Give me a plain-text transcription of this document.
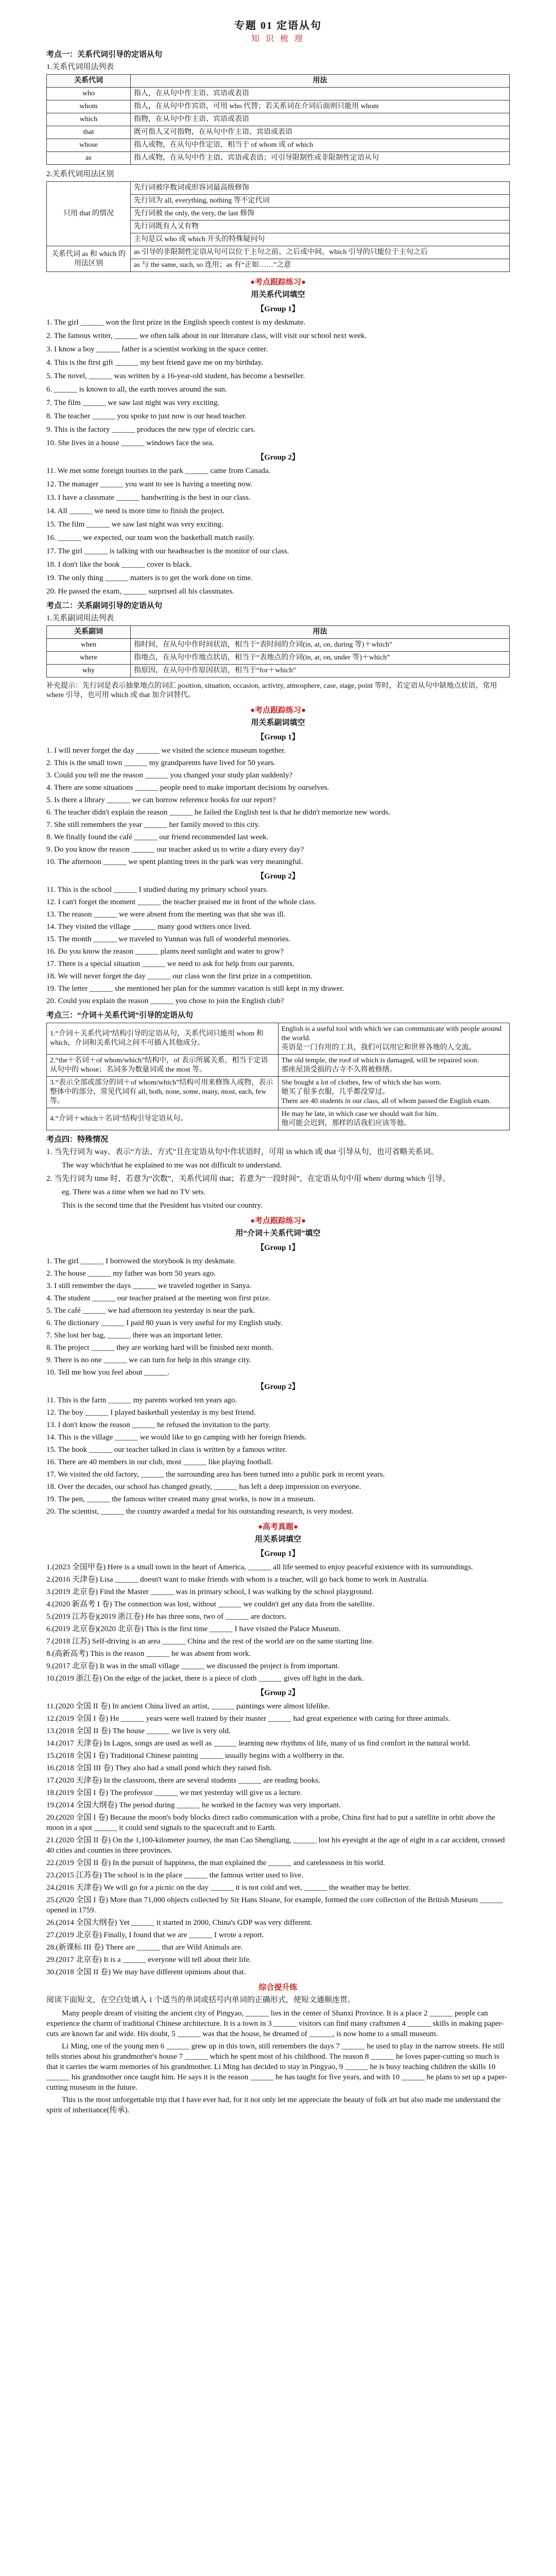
专题 01 定语从句
知 识 梳 理
考点一：关系代词引导的定语从句
1.关系代词用法列表
关系代词	用法
who	指人，在从句中作主语、宾语或表语
whom	指人，在从句中作宾语，可用 who 代替；若关系词在介词后面则只能用 whom
which	指物，在从句中作主语、宾语或表语
that	既可指人又可指物，在从句中作主语、宾语或表语
whose	指人或物，在从句中作定语，相当于 of whom 或 of which
as	指人或物，在从句中作主语、宾语或表语；可引导限制性或非限制性定语从句
2.关系代词用法区别
只用 that 的情况	先行词被序数词或形容词最高级修饰
	先行词为 all, everything, nothing 等不定代词
	先行词被 the only, the very, the last 修饰
	先行词既有人又有物
	主句是以 who 或 which 开头的特殊疑问句
关系代词 as 和 which 的用法区别	as 引导的非限制性定语从句可以位于主句之前、之后或中间，which 引导的只能位于主句之后
	as 与 the same, such, so 连用；as 有“正如……”之意
●考点跟踪练习●
用关系代词填空
【Group 1】
1. The girl ______ won the first prize in the English speech contest is my deskmate.
2. The famous writer, ______ we often talk about in our literature class, will visit our school next week.
3. I know a boy ______ father is a scientist working in the space center.
4. This is the first gift ______ my best friend gave me on my birthday.
5. The novel, ______ was written by a 16-year-old student, has become a bestseller.
6. ______ is known to all, the earth moves around the sun.
7. The film ______ we saw last night was very exciting.
8. The teacher ______ you spoke to just now is our head teacher.
9. This is the factory ______ produces the new type of electric cars.
10. She lives in a house ______ windows face the sea.
【Group 2】
11. We met some foreign tourists in the park ______ came from Canada.
12. The manager ______ you want to see is having a meeting now.
13. I have a classmate ______ handwriting is the best in our class.
14. All ______ we need is more time to finish the project.
15. The film ______ we saw last night was very exciting.
16. ______ we expected, our team won the basketball match easily.
17. The girl ______ is talking with our headteacher is the monitor of our class.
18. I don't like the book ______ cover is black.
19. The only thing ______ matters is to get the work done on time.
20. He passed the exam, ______ surprised all his classmates.
考点二：关系副词引导的定语从句
1.关系副词用法列表
关系副词	用法
when	指时间，在从句中作时间状语，相当于“表时间的介词(in, at, on, during 等)＋which”
where	指地点，在从句中作地点状语，相当于“表地点的介词(in, at, on, under 等)＋which”
why	指原因，在从句中作原因状语，相当于“for＋which”
补充提示：先行词是表示抽象地点的词汇 position, situation, occasion, activity, atmosphere, case, stage, point 等时，若定语从句中缺地点状语，常用 where 引导，也可用 which 或 that 加介词替代。
●考点跟踪练习●
用关系副词填空
【Group 1】
1. I will never forget the day ______ we visited the science museum together.
2. This is the small town ______ my grandparents have lived for 50 years.
3. Could you tell me the reason ______ you changed your study plan suddenly?
4. There are some situations ______ people need to make important decisions by ourselves.
5. Is there a library ______ we can borrow reference books for our report?
6. The teacher didn't explain the reason ______ he failed the English test is that he didn't memorize new words.
7. She still remembers the year ______ her family moved to this city.
8. We finally found the café ______ our friend recommended last week.
9. Do you know the reason ______ our teacher asked us to write a diary every day?
10. The afternoon ______ we spent planting trees in the park was very meaningful.
【Group 2】
11. This is the school ______ I studied during my primary school years.
12. I can't forget the moment ______ the teacher praised me in front of the whole class.
13. The reason ______ we were absent from the meeting was that she was ill.
14. They visited the village ______ many good writers once lived.
15. The month ______ we traveled to Yunnan was full of wonderful memories.
16. Do you know the reason ______ plants need sunlight and water to grow?
17. There is a special situation ______ we need to ask for help from our parents.
18. We will never forget the day ______ our class won the first prize in a competition.
19. The letter ______ she mentioned her plan for the summer vacation is still kept in my drawer.
20. Could you explain the reason ______ you chose to join the English club?
考点三：“介词＋关系代词”引导的定语从句
1.“介词＋关系代词”结构引导的定语从句，关系代词只能用 whom 和 which，介词和关系代词之间不可插入其他成分。	English is a useful tool with which we can communicate with people around the world.
英语是一门有用的工具，我们可以用它和世界各地的人交流。
2.“the＋名词＋of whom/which”结构中，of 表示所属关系，相当于定语从句中的 whose；名词多为数量词或 the most 等。	The old temple, the roof of which is damaged, will be repaired soon.
那座屋顶受损的古寺不久将被修缮。
3.“表示全部或部分的词＋of whom/which”结构可用来修饰人或物，表示整体中的部分，常见代词有 all, both, none, some, many, most, each, few 等。	She bought a lot of clothes, few of which she has worn.
她买了很多衣服，几乎都没穿过。
There are 40 students in our class, all of whom passed the English exam.
4.“介词＋which＋名词”结构引导定语从句。	He may be late, in which case we should wait for him.
他可能会迟到，那样的话我们应该等他。
考点四：特殊情况
1. 当先行词为 way、表示“方法、方式”且在定语从句中作状语时，可用 in which 或 that 引导从句，也可省略关系词。
The way which/that he explained to me was not difficult to understand.
2. 当先行词为 time 时，若意为“次数”，关系代词用 that；若意为“一段时间”，在定语从句中用 when/ during which 引导。
eg. There was a time when we had no TV sets.
This is the second time that the President has visited our country.
●考点跟踪练习●
用“介词＋关系代词”填空
【Group 1】
1. The girl ______ I borrowed the storybook is my deskmate.
2. The house ______ my father was born 50 years ago.
3. I still remember the days ______ we traveled together in Sanya.
4. The student ______ our teacher praised at the meeting won first prize.
5. The café ______ we had afternoon tea yesterday is near the park.
6. The dictionary ______ I paid 80 yuan is very useful for my English study.
7. She lost her bag, ______ there was an important letter.
8. The project ______ they are working hard will be finished next month.
9. There is no one ______ we can turn for help in this strange city.
10. Tell me how you feel about ______.
【Group 2】
11. This is the farm ______ my parents worked ten years ago.
12. The boy ______ I played basketball yesterday is my best friend.
13. I don't know the reason ______ he refused the invitation to the party.
14. This is the village ______ we would like to go camping with her foreign friends.
15. The book ______ our teacher talked in class is written by a famous writer.
16. There are 40 members in our club, most ______ like playing football.
17. We visited the old factory, ______ the surrounding area has been turned into a public park in recent years.
18. Over the decades, our school has changed greatly, ______ has left a deep impression on everyone.
19. The pen, ______ the famous writer created many great works, is now in a museum.
20. The scientist, ______ the country awarded a medal for his outstanding research, is very modest.
●高考真题●
用关系词填空
【Group 1】
1.(2023 全国甲卷) Here is a small town in the heart of America, ______ all life seemed to enjoy peaceful existence with its surroundings.
2.(2016 天津卷) Lisa ______ doesn't want to make friends with whom is a teacher, will go back home to work in Australia.
3.(2019 北京卷) Find the Master ______ was in primary school, I was walking by the school playground.
4.(2020 新高考 I 卷) The connection was lost, without ______ we couldn't get any data from the satellite.
5.(2019 江苏卷)(2019 浙江卷) He has three sons, two of ______ are doctors.
6.(2019 北京卷)(2020 北京卷) This is the first time ______ I have visited the Palace Museum.
7.(2018 江苏) Self-driving is an area ______ China and the rest of the world are on the same starting line.
8.(高新高考) This is the reason ______ he was absent from work.
9.(2017 北京卷) It was in the small village ______ we discussed the project is from important.
10.(2019 浙江卷) On the edge of the jacket, there is a piece of cloth ______ gives off light in the dark.
【Group 2】
11.(2020 全国 II 卷) In ancient China lived an artist, ______ paintings were almost lifelike.
12.(2019 全国 I 卷) He ______ years were well trained by their master ______ had great experience with caring for three animals.
13.(2018 全国 II 卷) The house ______ we live is very old.
14.(2017 天津卷) In Lagos, songs are used as well as ______ learning new rhythms of life, many of us find comfort in the natural world.
15.(2018 全国 I 卷) Traditional Chinese painting ______ usually begins with a wolfberry in the.
16.(2018 全国 III 卷) They also had a small pond which they raised fish.
17.(2020 天津卷) In the classroom, there are several students ______ are reading books.
18.(2019 全国 I 卷) The professor ______ we met yesterday will give us a lecture.
19.(2014 全国大纲卷) The period during ______ he worked in the factory was very important.
20.(2020 全国 I 卷) Because the moon's body blocks direct radio communication with a probe, China first had to put a satellite in orbit above the moon in a spot ______ it could send signals to the spacecraft and to Earth.
21.(2020 全国 II 卷) On the 1,100-kilometer journey, the man Cao Shengliang, ______ lost his eyesight at the age of eight in a car accident, crossed 40 cities and counties in three provinces.
22.(2019 全国 II 卷) In the pursuit of happiness, the man explained the ______ and carelessness in his world.
23.(2015 江苏卷) The school is in the place ______ the famous writer used to live.
24.(2016 天津卷) We will go for a picnic on the day ______ it is not cold and wet, ______ the weather may be better.
25.(2020 全国 I 卷) More than 71,000 objects collected by Sir Hans Sloane, for example, formed the core collection of the British Museum ______ opened in 1759.
26.(2014 全国大纲卷) Yet ______ it started in 2000, China's GDP was very different.
27.(2019 北京卷) Finally, I found that we are ______ I wrote a report.
28.(新课标 III 卷) There are ______ that are Wild Animals are.
29.(2017 北京卷) It is a ______ everyone will tell about their life.
30.(2018 全国 II 卷) We may have different opinions about that.
综合提升练
阅读下面短文，在空白处填入 1 个适当的单词或括号内单词的正确形式，使短文通顺连贯。
Many people dream of visiting the ancient city of Pingyao, ______ lies in the center of Shanxi Province. It is a place 2 ______ people can experience the charm of traditional Chinese architecture. It is a town in 3 ______ visitors can find many craftsmen 4 ______ skills in making paper-cuts are known far and wide. His doubt, 5 ______ was that the house, he dreamed of ______, is now home to a small museum.
Li Ming, one of the young men 6 ______ grew up in this town, still remembers the days 7 ______ he used to play in the narrow streets. He still tells stories about his grandmother's house 7 ______ which he spent most of his childhood. The reason 8 ______ he loves paper-cutting so much is that it carries the warm memories of his grandmother. Li Ming has decided to stay in Pingyao, 9 ______ he is busy teaching children the skills 10 ______ his grandmother once taught him. He says it is the reason ______ he has taught for five years, and with 10 ______ he plans to set up a paper-cutting museum in the future.
This is the most unforgettable trip that I have ever had, for it not only let me appreciate the beauty of folk art but also made me understand the spirit of inheritance(传承).
